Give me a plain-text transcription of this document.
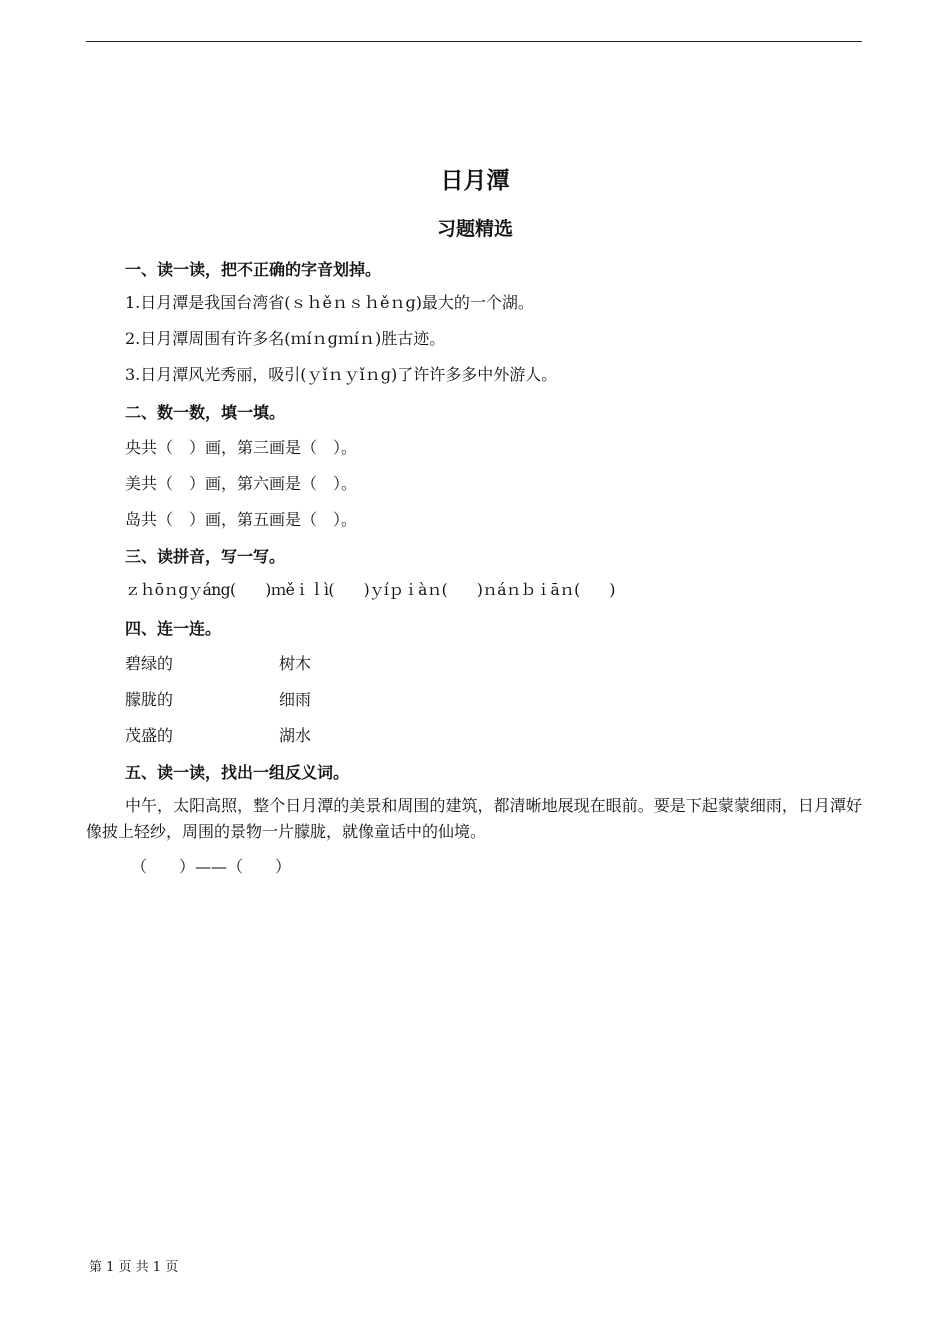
日月潭
习题精选
一、读一读，把不正确的字音划掉。
1.日月潭是我国台湾省(ｓｈěｎｓｈěｎɡ)最大的一个湖。
2.日月潭周围有许多名(ｍíｎɡｍíｎ)胜古迹。
3.日月潭风光秀丽，吸引(ｙǐｎｙǐｎɡ)了许许多多中外游人。
二、数一数，填一填。
央共（　）画，第三画是（　）。
美共（　）画，第六画是（　）。
岛共（　）画，第五画是（　）。
三、读拼音，写一写。
ｚｈōｎɡｙáng(　　)ｍěｉｌì(　　)ｙíｐｉàｎ(　　)ｎáｎｂｉāｎ(　　)
四、连一连。
碧绿的	树木
朦胧的	细雨
茂盛的	湖水
五、读一读，找出一组反义词。
中午，太阳高照，整个日月潭的美景和周围的建筑，都清晰地展现在眼前。要是下起蒙蒙细雨，日月潭好像披上轻纱，周围的景物一片朦胧，就像童话中的仙境。
（　　）——（　　）
第 1 页 共 1 页
